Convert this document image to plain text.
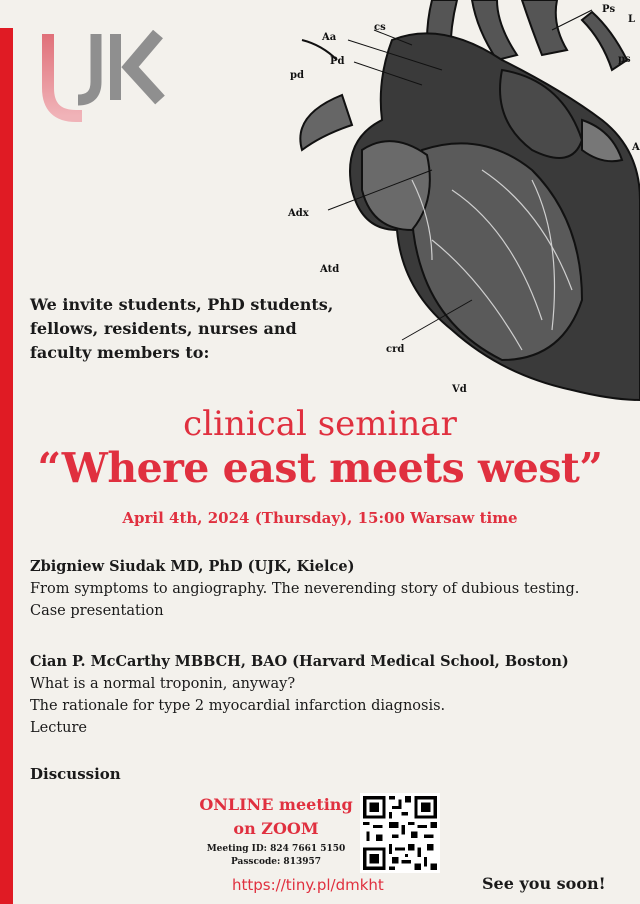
Ps
L
cs
Aa
Pd	ps
pd
Adx
Atd
crd
Vd
A
We invite students, PhD students,
fellows, residents, nurses and
faculty members to:
clinical seminar
“Where east meets west”
April 4th, 2024 (Thursday), 15:00 Warsaw time
Zbigniew Siudak MD, PhD (UJK, Kielce)
From symptoms to angiography. The neverending story of dubious testing.
Case presentation
Cian P. McCarthy MBBCH, BAO (Harvard Medical School, Boston)
What is a normal troponin, anyway?
The rationale for type 2 myocardial infarction diagnosis.
Lecture
Discussion
ONLINE meeting
on ZOOM
Meeting ID: 824 7661 5150
Passcode: 813957
https://tiny.pl/dmkht	See you soon!
